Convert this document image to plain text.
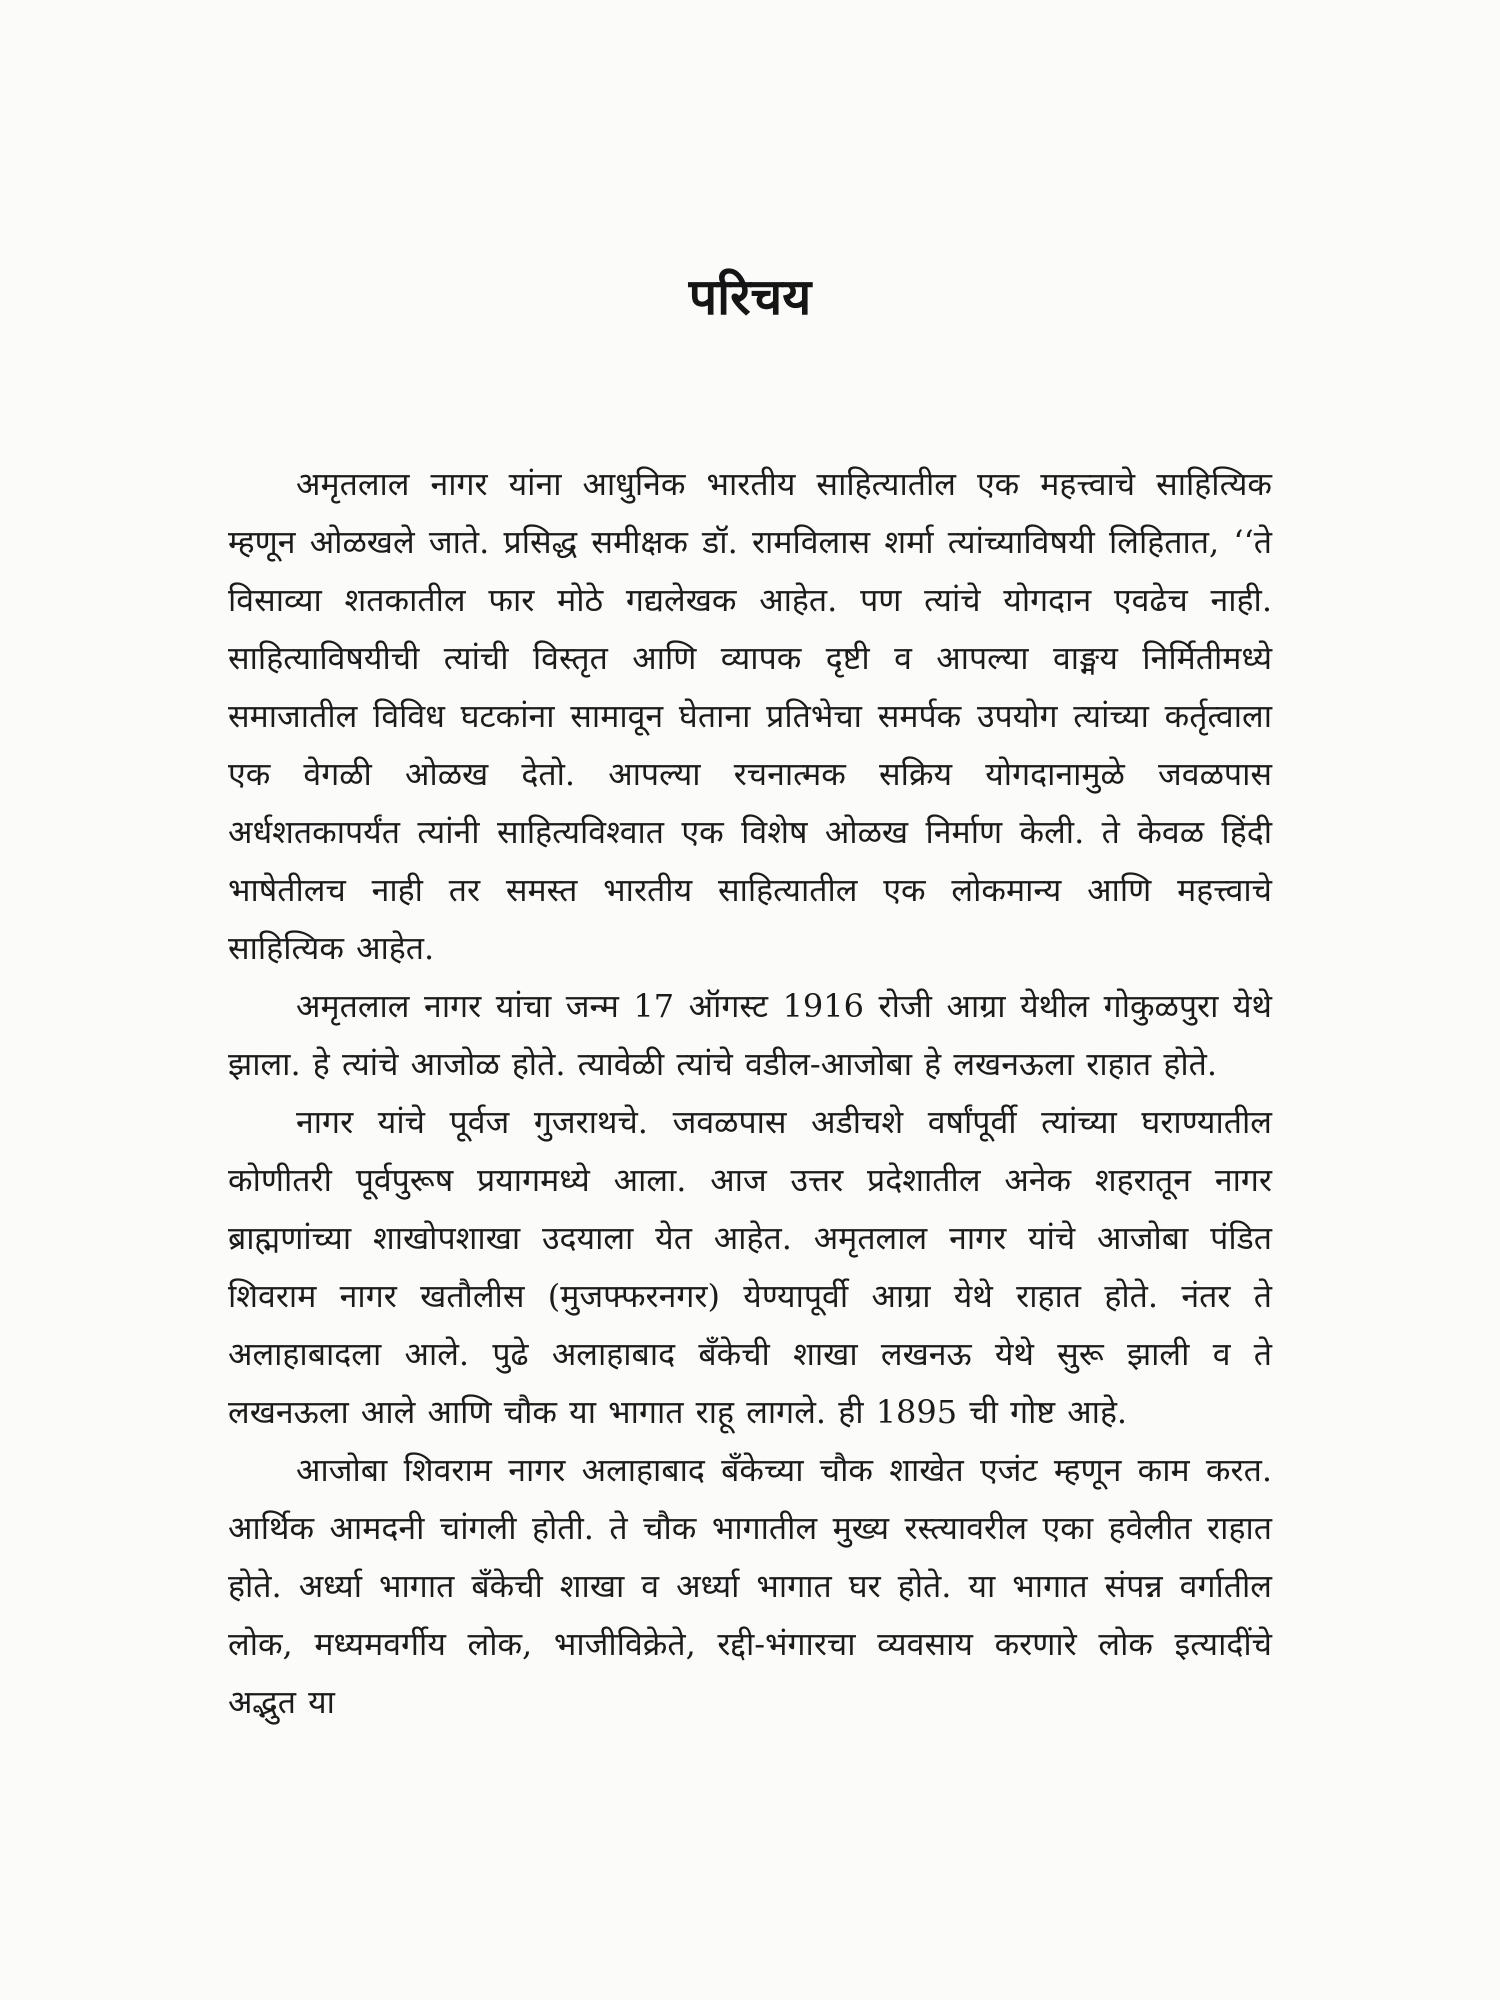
परिचय

अमृतलाल नागर यांना आधुनिक भारतीय साहित्यातील एक महत्त्वाचे साहित्यिक म्हणून ओळखले जाते. प्रसिद्ध समीक्षक डॉ. रामविलास शर्मा त्यांच्याविषयी लिहितात, ‘‘ते विसाव्या शतकातील फार मोठे गद्यलेखक आहेत. पण त्यांचे योगदान एवढेच नाही. साहित्याविषयीची त्यांची विस्तृत आणि व्यापक दृष्टी व आपल्या वाङ्मय निर्मितीमध्ये समाजातील विविध घटकांना सामावून घेताना प्रतिभेचा समर्पक उपयोग त्यांच्या कर्तृत्वाला एक वेगळी ओळख देतो. आपल्या रचनात्मक सक्रिय योगदानामुळे जवळपास अर्धशतकापर्यंत त्यांनी साहित्यविश्वात एक विशेष ओळख निर्माण केली. ते केवळ हिंदी भाषेतीलच नाही तर समस्त भारतीय साहित्यातील एक लोकमान्य आणि महत्त्वाचे साहित्यिक आहेत.

अमृतलाल नागर यांचा जन्म 17 ऑगस्ट 1916 रोजी आग्रा येथील गोकुळपुरा येथे झाला. हे त्यांचे आजोळ होते. त्यावेळी त्यांचे वडील-आजोबा हे लखनऊला राहात होते.

नागर यांचे पूर्वज गुजराथचे. जवळपास अडीचशे वर्षांपूर्वी त्यांच्या घराण्यातील कोणीतरी पूर्वपुरूष प्रयागमध्ये आला. आज उत्तर प्रदेशातील अनेक शहरातून नागर ब्राह्मणांच्या शाखोपशाखा उदयाला येत आहेत. अमृतलाल नागर यांचे आजोबा पंडित शिवराम नागर खतौलीस (मुजफ्फरनगर) येण्यापूर्वी आग्रा येथे राहात होते. नंतर ते अलाहाबादला आले. पुढे अलाहाबाद बँकेची शाखा लखनऊ येथे सुरू झाली व ते लखनऊला आले आणि चौक या भागात राहू लागले. ही 1895 ची गोष्ट आहे.

आजोबा शिवराम नागर अलाहाबाद बँकेच्या चौक शाखेत एजंट म्हणून काम करत. आर्थिक आमदनी चांगली होती. ते चौक भागातील मुख्य रस्त्यावरील एका हवेलीत राहात होते. अर्ध्या भागात बँकेची शाखा व अर्ध्या भागात घर होते. या भागात संपन्न वर्गातील लोक, मध्यमवर्गीय लोक, भाजीविक्रेते, रद्दी-भंगारचा व्यवसाय करणारे लोक इत्यादींचे अद्भुत या
